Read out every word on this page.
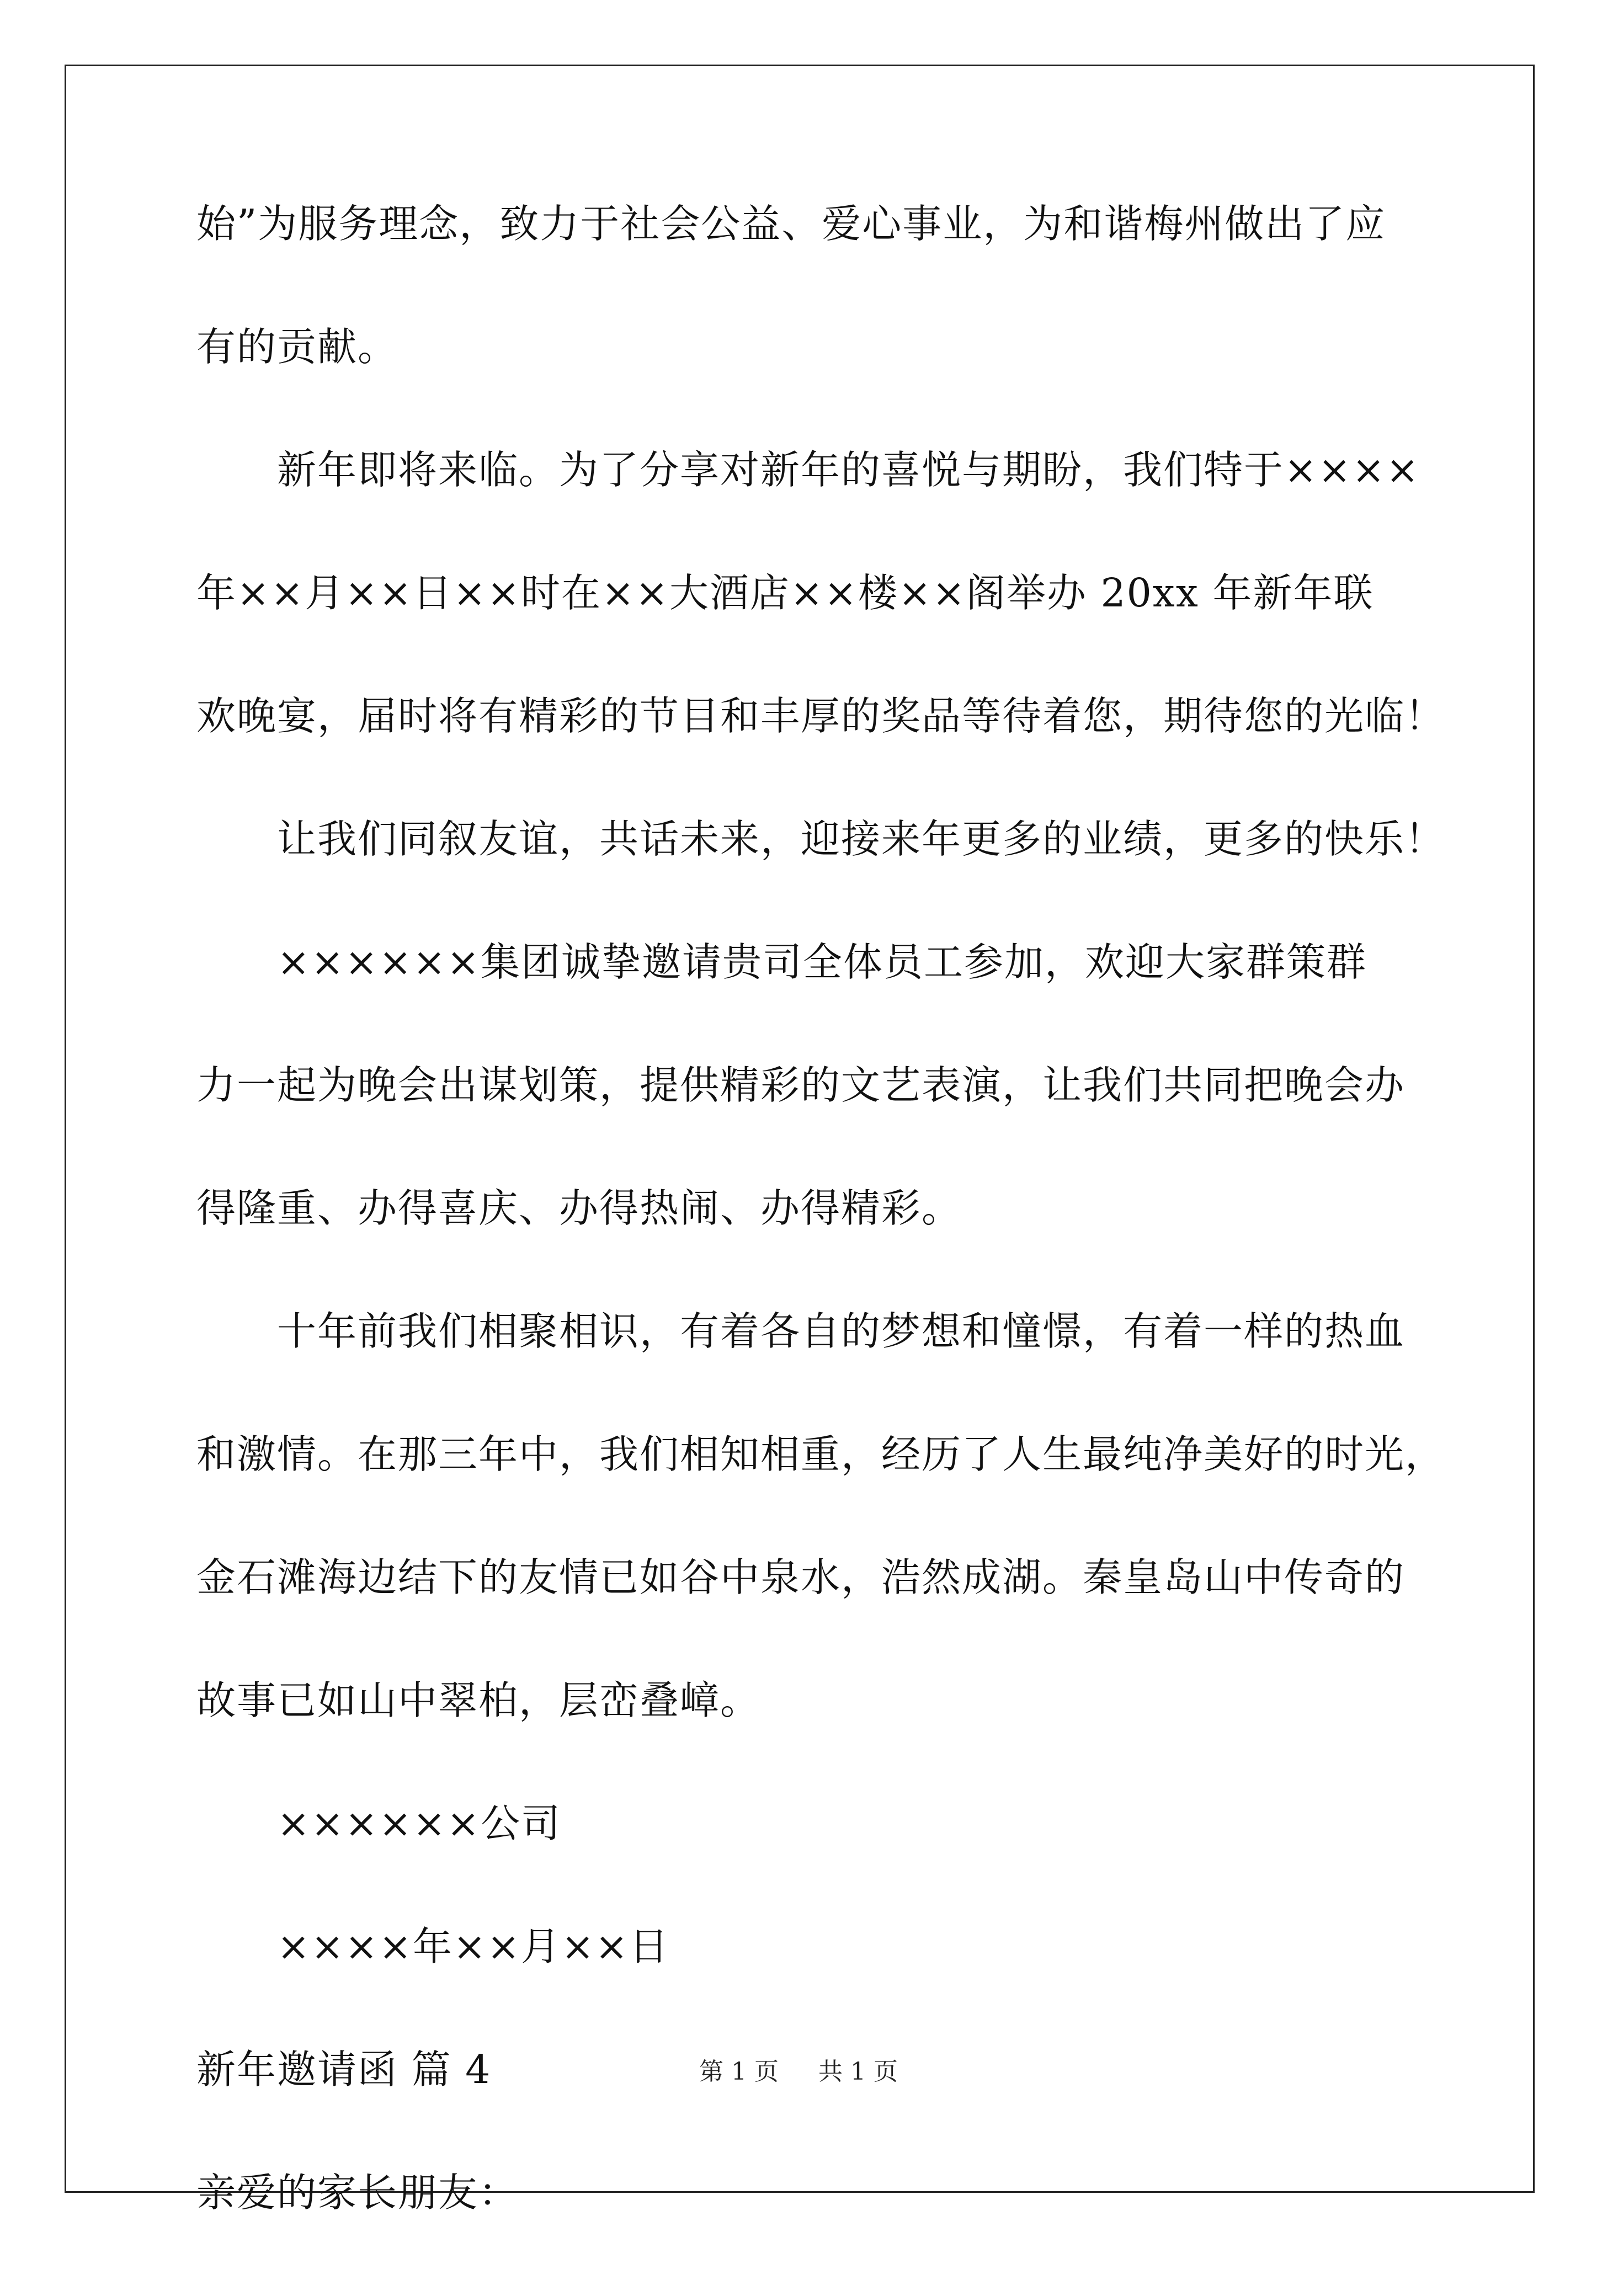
始”为服务理念，致力于社会公益、爱心事业，为和谐梅州做出了应
有的贡献。
新年即将来临。为了分享对新年的喜悦与期盼，我们特于××××
年××月××日××时在××大酒店××楼××阁举办 20xx 年新年联
欢晚宴，届时将有精彩的节目和丰厚的奖品等待着您，期待您的光临！
让我们同叙友谊，共话未来，迎接来年更多的业绩，更多的快乐！
××××××集团诚挚邀请贵司全体员工参加，欢迎大家群策群
力一起为晚会出谋划策，提供精彩的文艺表演，让我们共同把晚会办
得隆重、办得喜庆、办得热闹、办得精彩。
十年前我们相聚相识，有着各自的梦想和憧憬，有着一样的热血
和激情。在那三年中，我们相知相重，经历了人生最纯净美好的时光，
金石滩海边结下的友情已如谷中泉水，浩然成湖。秦皇岛山中传奇的
故事已如山中翠柏，层峦叠嶂。
××××××公司
××××年××月××日
新年邀请函 篇 4
亲爱的家长朋友：
第 1 页 共 1 页
